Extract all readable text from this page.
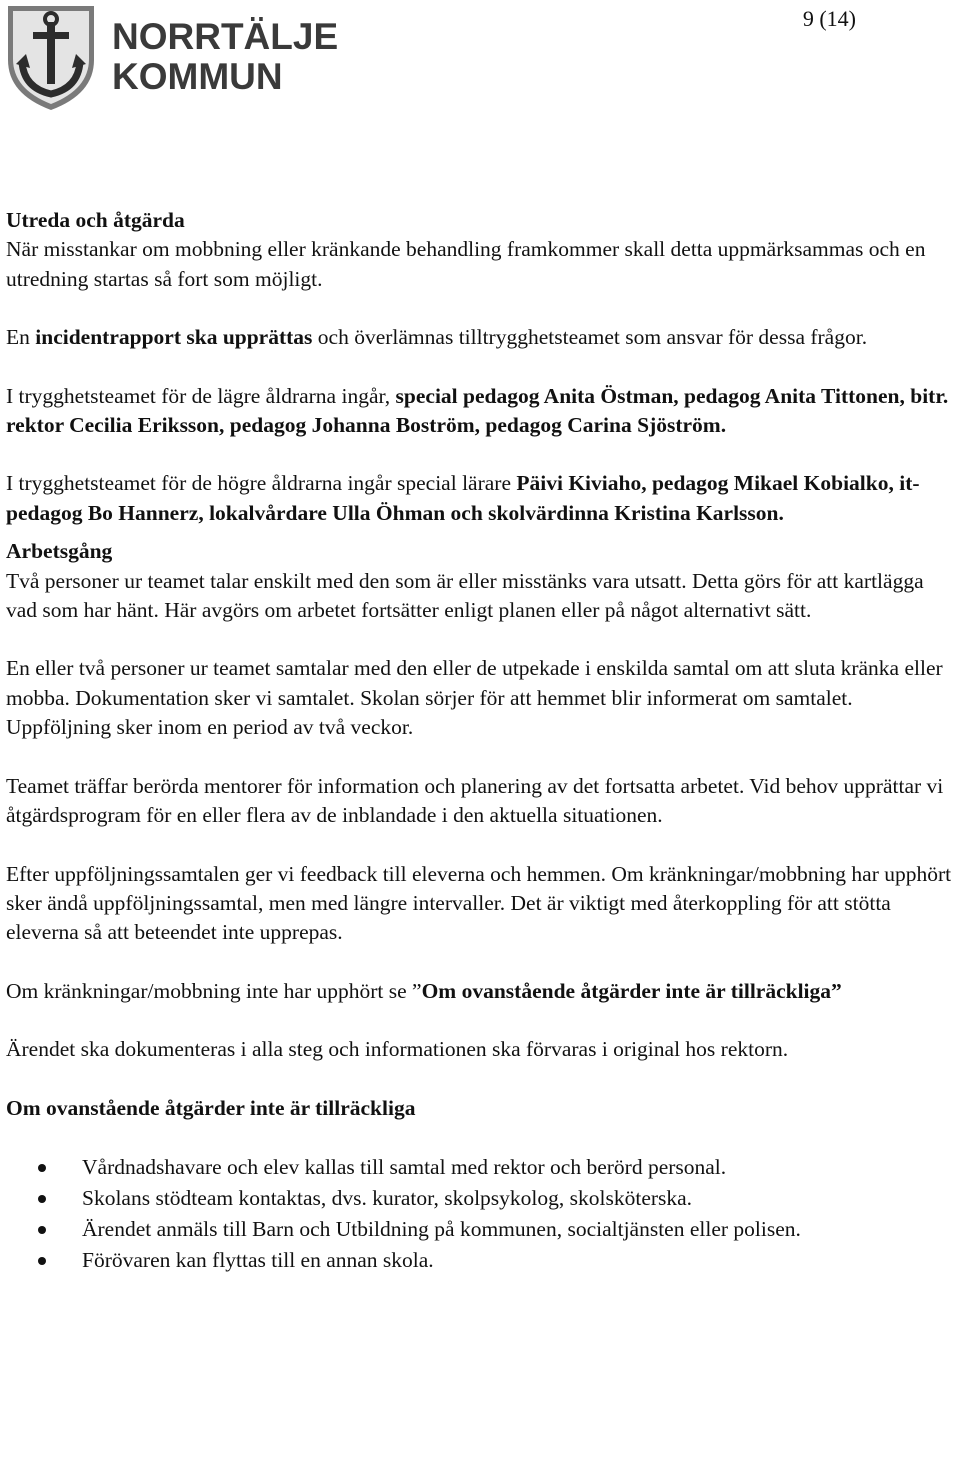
NORRTÄLJE
KOMMUN
9 (14)
Utreda och åtgärda

När misstankar om mobbning eller kränkande behandling framkommer skall detta uppmärksammas och en utredning startas så fort som möjligt.

En incidentrapport ska upprättas och överlämnas tilltrygghetsteamet som ansvar för dessa frågor.

I trygghetsteamet för de lägre åldrarna ingår, special pedagog Anita Östman, pedagog Anita Tittonen, bitr. rektor Cecilia Eriksson, pedagog Johanna Boström, pedagog Carina Sjöström.

I trygghetsteamet för de högre åldrarna ingår special lärare Päivi Kiviaho, pedagog Mikael Kobialko, it-pedagog Bo Hannerz, lokalvårdare Ulla Öhman och skolvärdinna Kristina Karlsson.

Arbetsgång

Två personer ur teamet talar enskilt med den som är eller misstänks vara utsatt. Detta görs för att kartlägga vad som har hänt. Här avgörs om arbetet fortsätter enligt planen eller på något alternativt sätt.

En eller två personer ur teamet samtalar med den eller de utpekade i enskilda samtal om att sluta kränka eller mobba. Dokumentation sker vi samtalet. Skolan sörjer för att hemmet blir informerat om samtalet. Uppföljning sker inom en period av två veckor.

Teamet träffar berörda mentorer för information och planering av det fortsatta arbetet. Vid behov upprättar vi åtgärdsprogram för en eller flera av de inblandade i den aktuella situationen.

Efter uppföljningssamtalen ger vi feedback till eleverna och hemmen. Om kränkningar/mobbning har upphört sker ändå uppföljningssamtal, men med längre intervaller. Det är viktigt med återkoppling för att stötta eleverna så att beteendet inte upprepas.

Om kränkningar/mobbning inte har upphört se ”Om ovanstående åtgärder inte är tillräckliga”

Ärendet ska dokumenteras i alla steg och informationen ska förvaras i original hos rektorn.

Om ovanstående åtgärder inte är tillräckliga
Vårdnadshavare och elev kallas till samtal med rektor och berörd personal.
Skolans stödteam kontaktas, dvs. kurator, skolpsykolog, skolsköterska.
Ärendet anmäls till Barn och Utbildning på kommunen, socialtjänsten eller polisen.
Förövaren kan flyttas till en annan skola.
